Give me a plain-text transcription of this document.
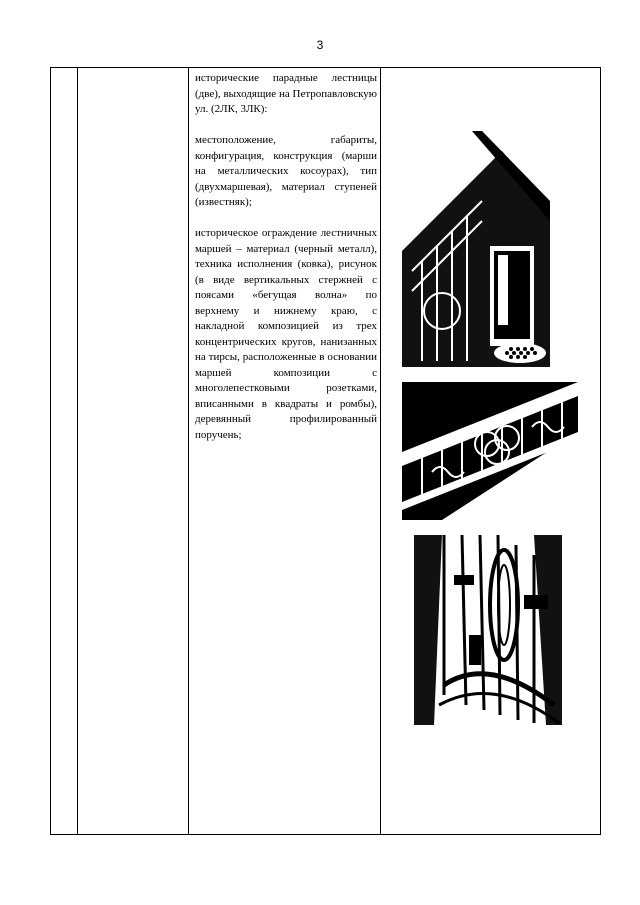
3

исторические парадные лестницы (две), выходящие на Петропавловскую ул. (2ЛК, 3ЛК):

местоположение, габариты, конфигурация, конструкция (марши на металлических косоурах), тип (двухмаршевая), материал ступеней (известняк);

историческое ограждение лестничных маршей – материал (черный металл), техника исполнения (ковка), рисунок (в виде вертикальных стержней с поясами «бегущая волна» по верхнему и нижнему краю, с накладной композицией из трех концентрических кругов, нанизанных на тирсы, расположенные в основании маршей композиции с многолепестковыми розетками, вписанными в квадраты и ромбы), деревянный профилированный поручень;
